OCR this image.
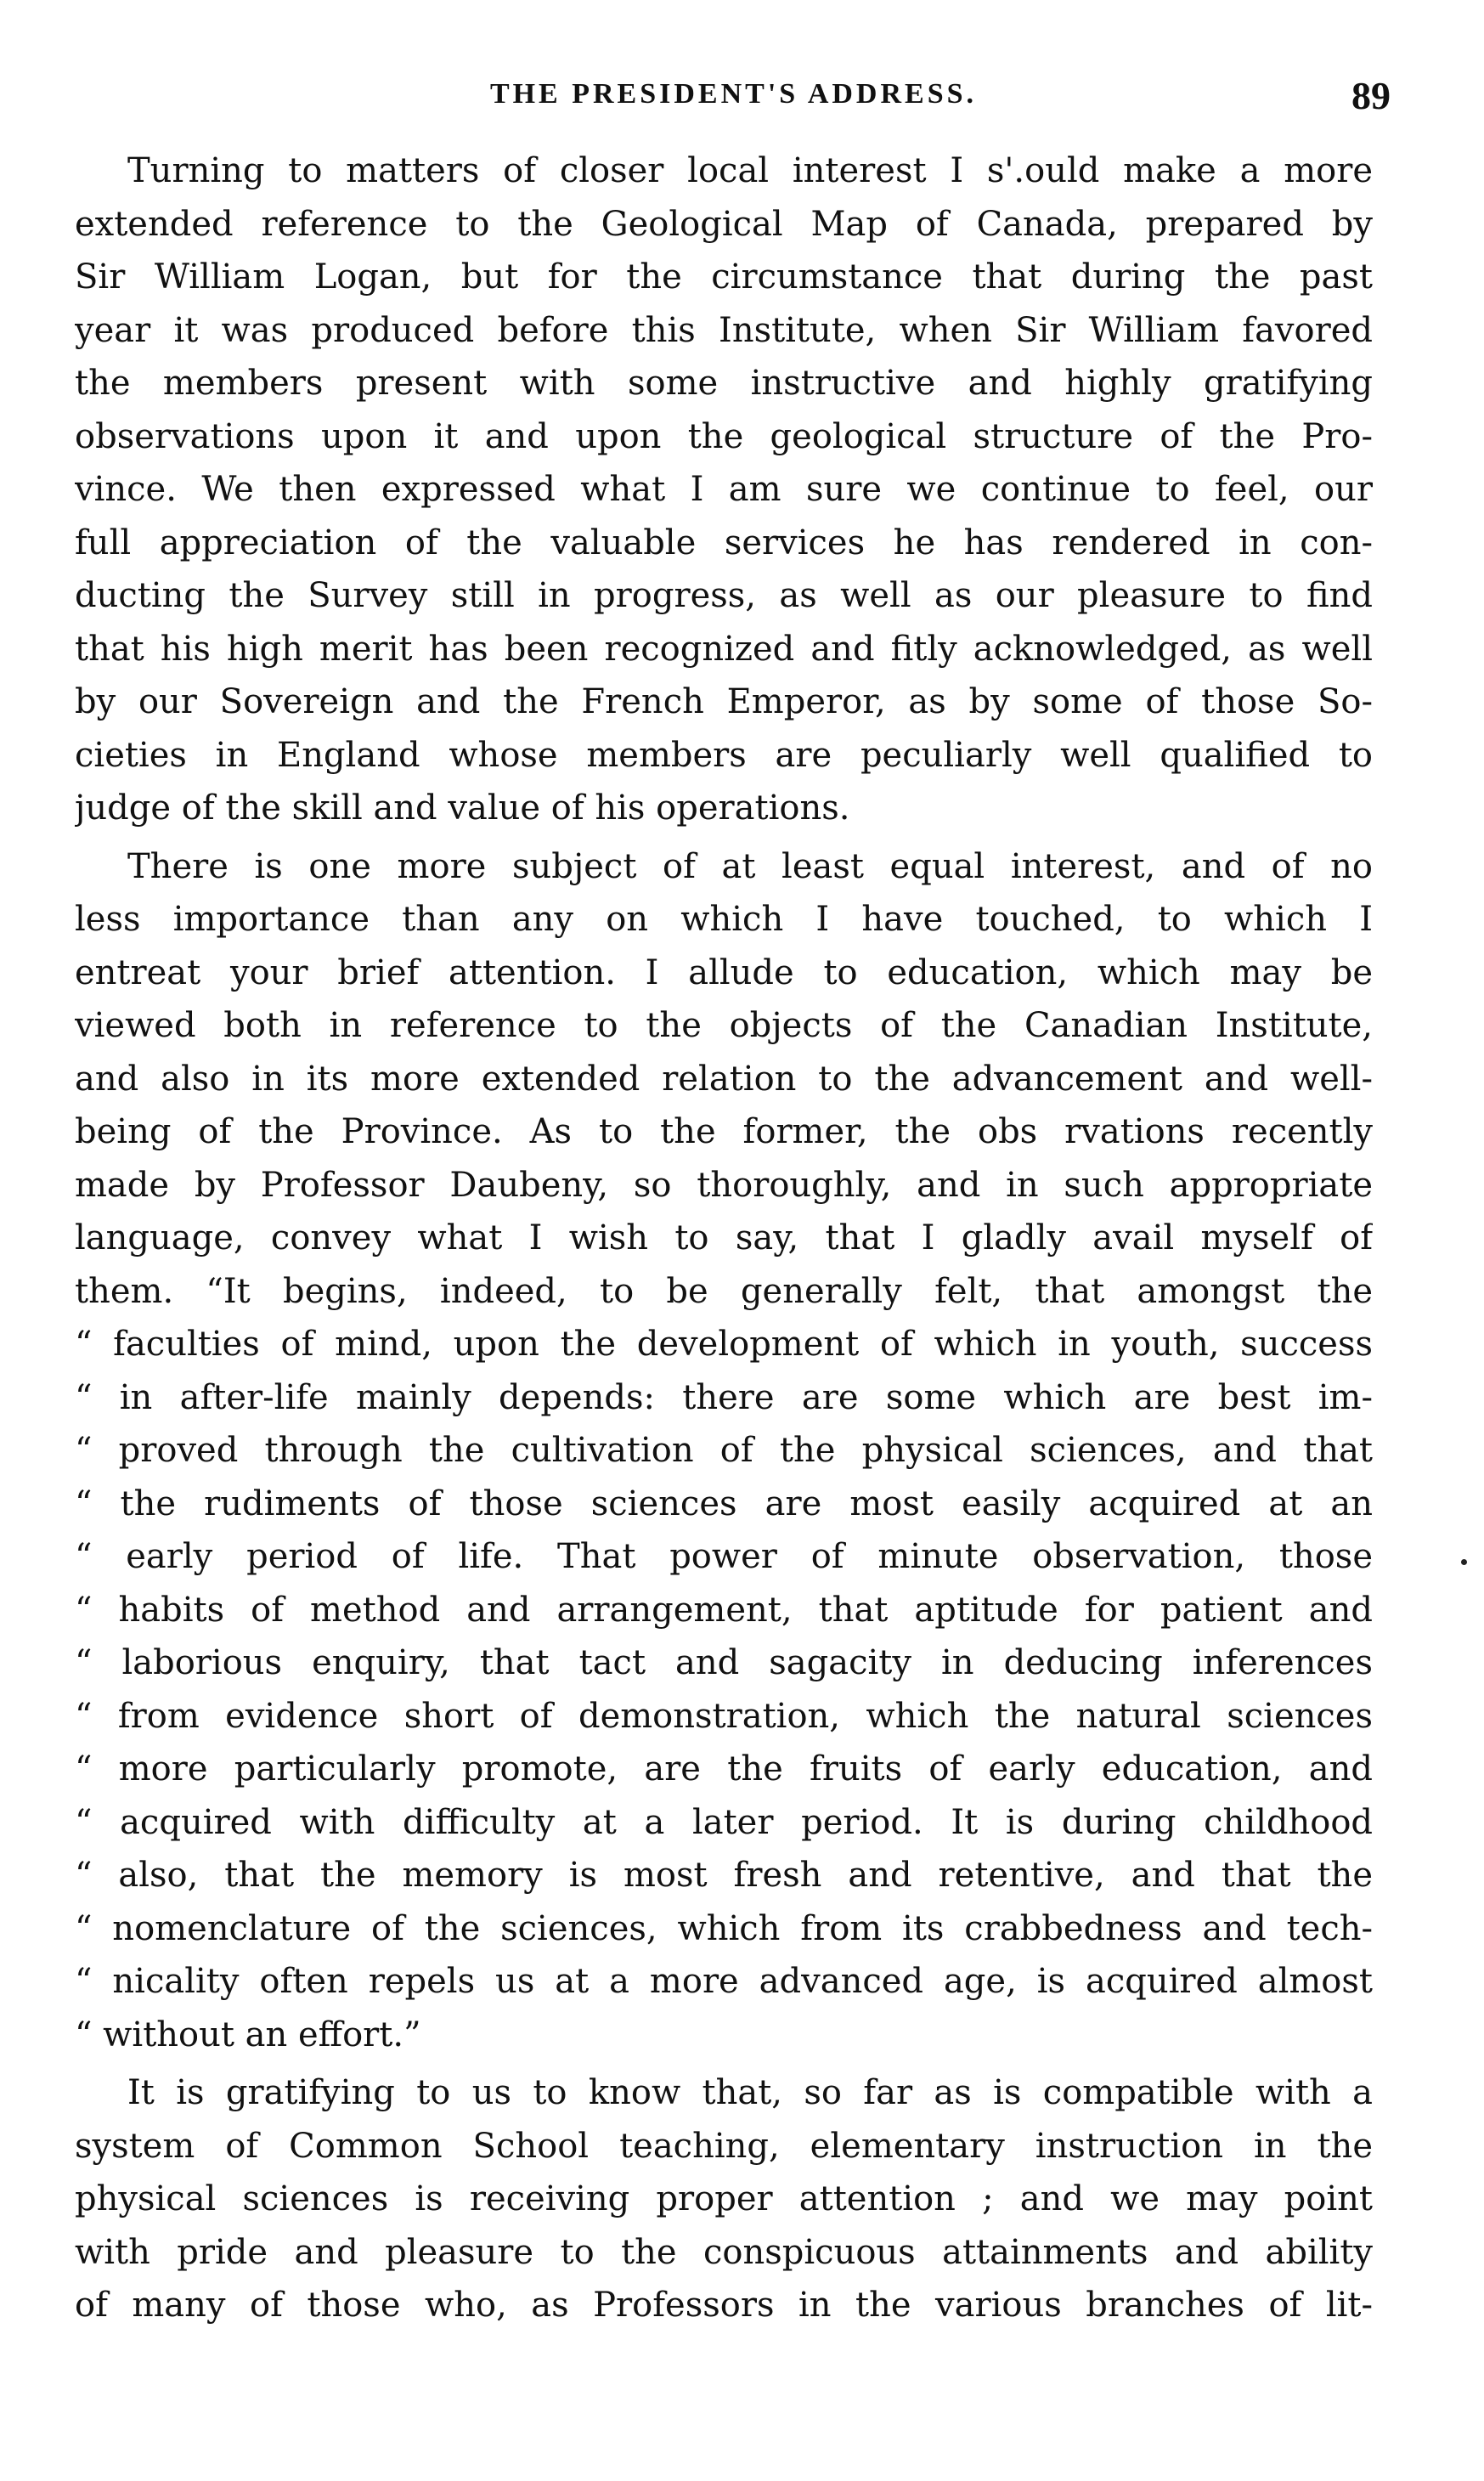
THE PRESIDENT'S ADDRESS.	89
Turning to matters of closer local interest I s'.ould make a more
extended reference to the Geological Map of Canada, prepared by
Sir William Logan, but for the circumstance that during the past
year it was produced before this Institute, when Sir William favored
the members present with some instructive and highly gratifying
observations upon it and upon the geological structure of the Pro-
vince. We then expressed what I am sure we continue to feel, our
full appreciation of the valuable services he has rendered in con-
ducting the Survey still in progress, as well as our pleasure to find
that his high merit has been recognized and fitly acknowledged, as well
by our Sovereign and the French Emperor, as by some of those So-
cieties in England whose members are peculiarly well qualified to
judge of the skill and value of his operations.
There is one more subject of at least equal interest, and of no
less importance than any on which I have touched, to which I
entreat your brief attention. I allude to education, which may be
viewed both in reference to the objects of the Canadian Institute,
and also in its more extended relation to the advancement and well-
being of the Province. As to the former, the obs rvations recently
made by Professor Daubeny, so thoroughly, and in such appropriate
language, convey what I wish to say, that I gladly avail myself of
them. “It begins, indeed, to be generally felt, that amongst the
“ faculties of mind, upon the development of which in youth, success
“ in after-life mainly depends: there are some which are best im-
“ proved through the cultivation of the physical sciences, and that
“ the rudiments of those sciences are most easily acquired at an
“ early period of life. That power of minute observation, those
“ habits of method and arrangement, that aptitude for patient and
“ laborious enquiry, that tact and sagacity in deducing inferences
“ from evidence short of demonstration, which the natural sciences
“ more particularly promote, are the fruits of early education, and
“ acquired with difficulty at a later period. It is during childhood
“ also, that the memory is most fresh and retentive, and that the
“ nomenclature of the sciences, which from its crabbedness and tech-
“ nicality often repels us at a more advanced age, is acquired almost
“ without an effort.”
It is gratifying to us to know that, so far as is compatible with a
system of Common School teaching, elementary instruction in the
physical sciences is receiving proper attention ; and we may point
with pride and pleasure to the conspicuous attainments and ability
of many of those who, as Professors in the various branches of lit-
